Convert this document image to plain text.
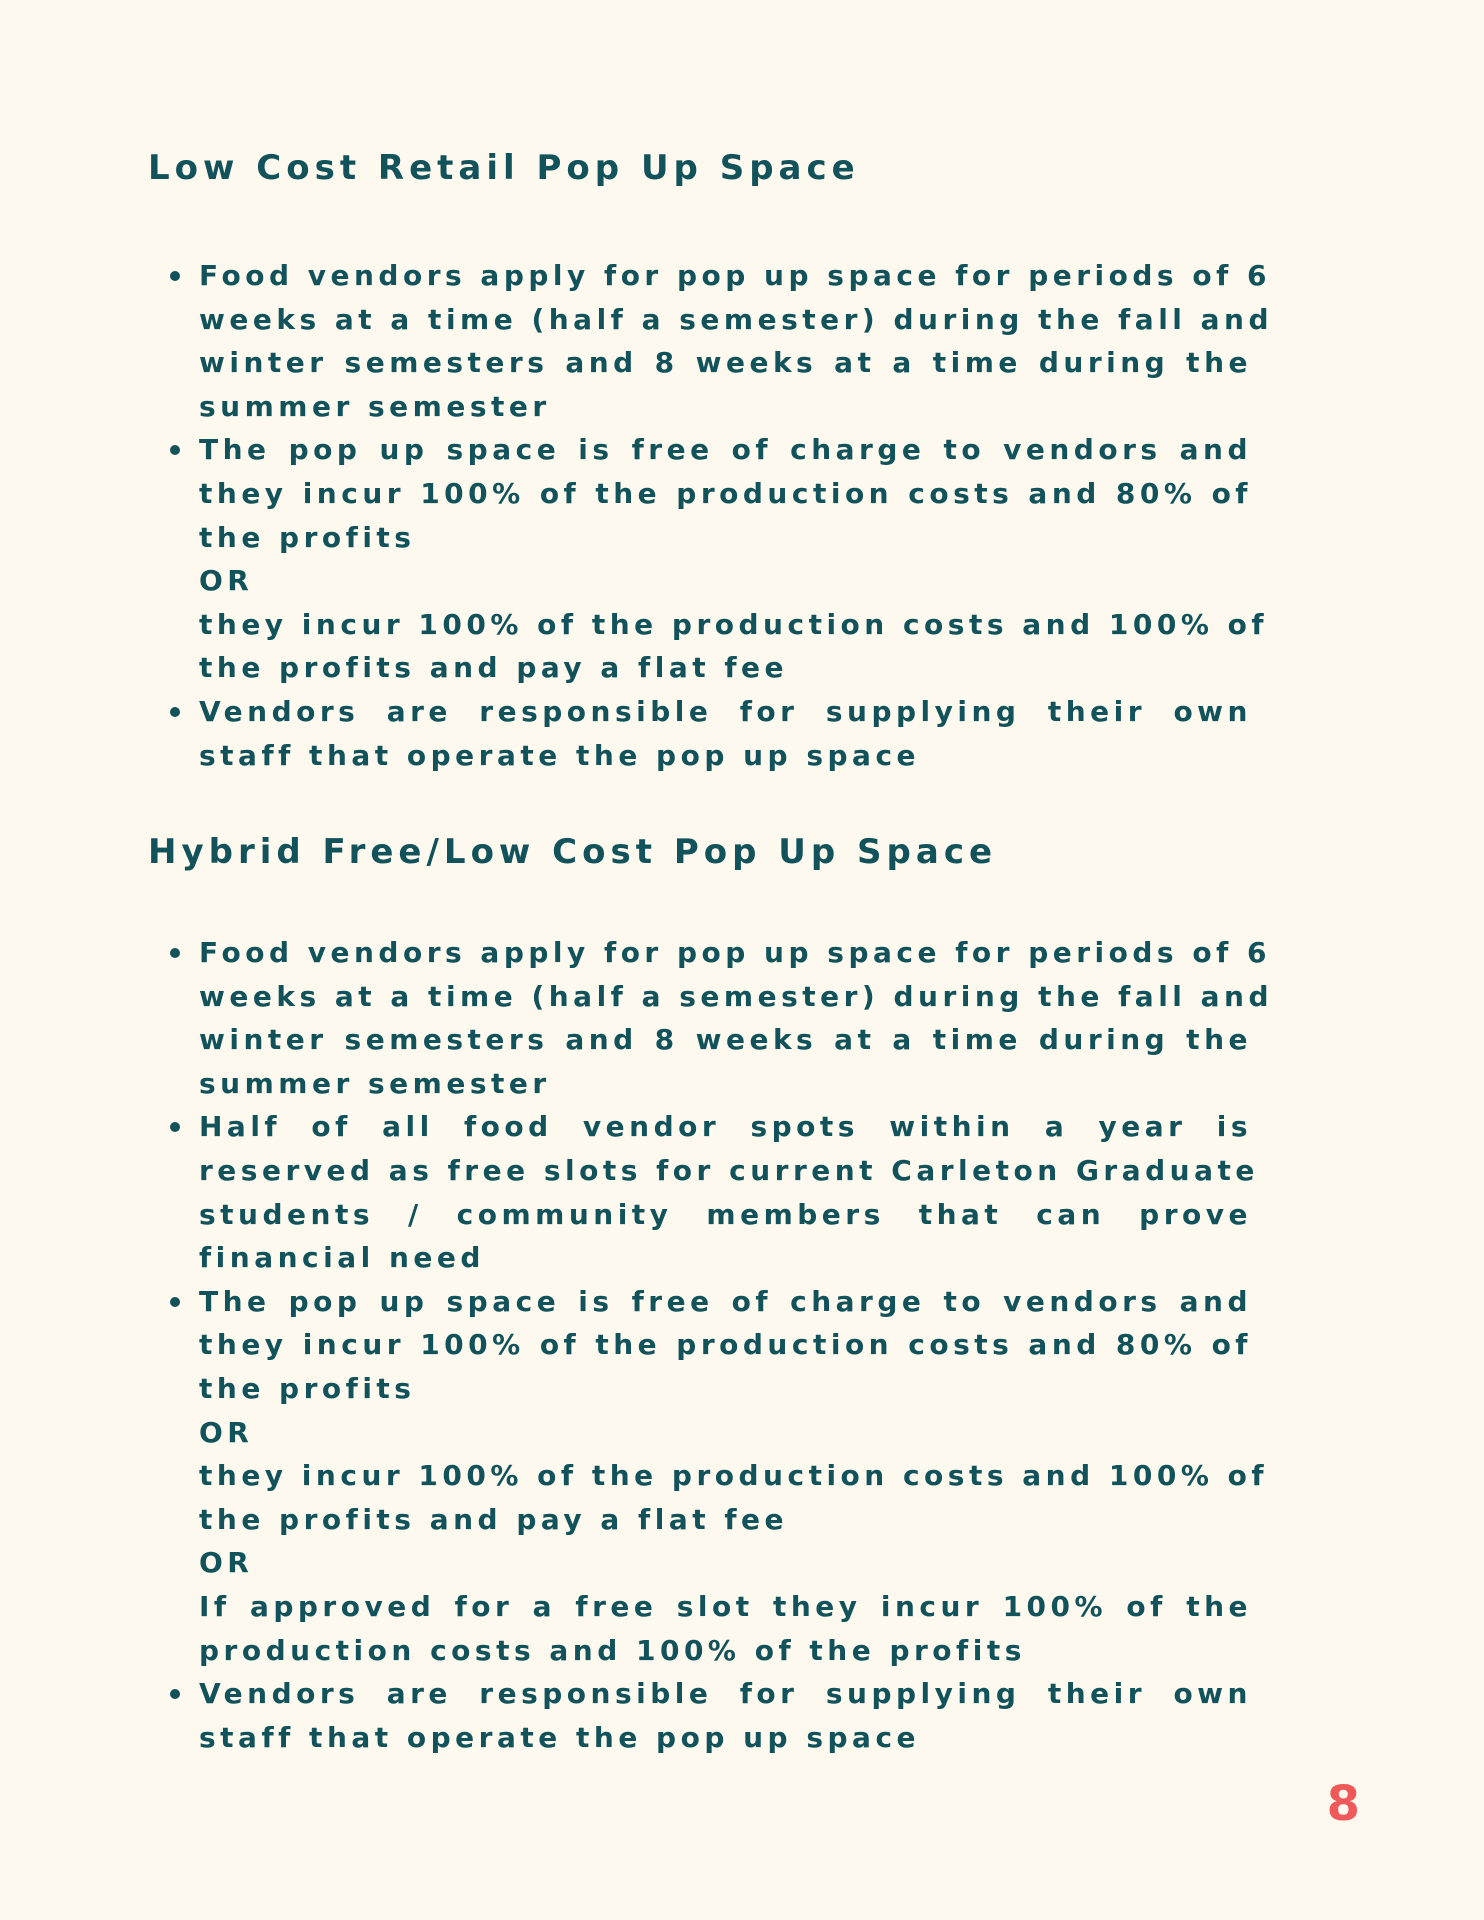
Low Cost Retail Pop Up Space
Food vendors apply for pop up space for periods of 6
weeks at a time (half a semester) during the fall and
winter semesters and 8 weeks at a time during the
summer semester
The pop up space is free of charge to vendors and
they incur 100% of the production costs and 80% of
the profits
OR
they incur 100% of the production costs and 100% of
the profits and pay a flat fee
Vendors are responsible for supplying their own
staff that operate the pop up space
Hybrid Free/Low Cost Pop Up Space
Food vendors apply for pop up space for periods of 6
weeks at a time (half a semester) during the fall and
winter semesters and 8 weeks at a time during the
summer semester
Half of all food vendor spots within a year is
reserved as free slots for current Carleton Graduate
students / community members that can prove
financial need
The pop up space is free of charge to vendors and
they incur 100% of the production costs and 80% of
the profits
OR
they incur 100% of the production costs and 100% of
the profits and pay a flat fee
OR
If approved for a free slot they incur 100% of the
production costs and 100% of the profits
Vendors are responsible for supplying their own
staff that operate the pop up space
8
